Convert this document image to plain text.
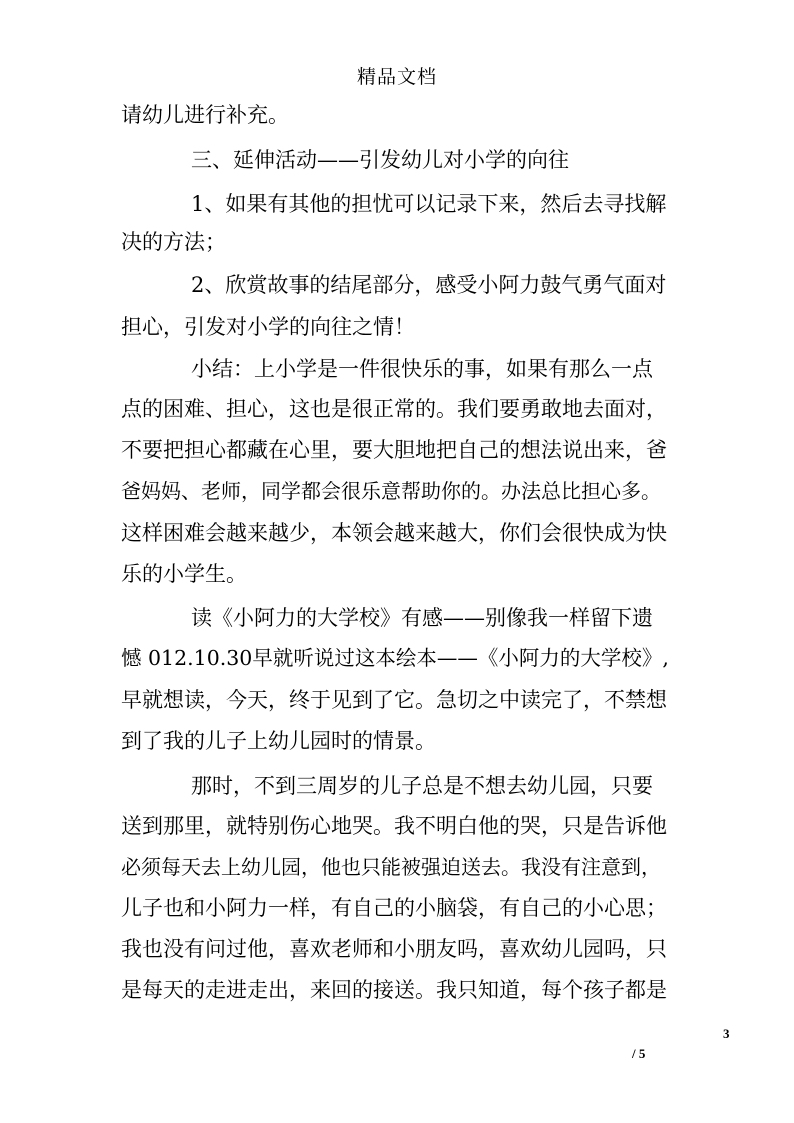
精品文档
请幼儿进行补充。
三、延伸活动——引发幼儿对小学的向往
1、如果有其他的担忧可以记录下来，然后去寻找解
决的方法；
2、欣赏故事的结尾部分，感受小阿力鼓气勇气面对
担心，引发对小学的向往之情！
小结：上小学是一件很快乐的事，如果有那么一点
点的困难、担心，这也是很正常的。我们要勇敢地去面对，
不要把担心都藏在心里，要大胆地把自己的想法说出来，爸
爸妈妈、老师，同学都会很乐意帮助你的。办法总比担心多。
这样困难会越来越少，本领会越来越大，你们会很快成为快
乐的小学生。
读《小阿力的大学校》有感——别像我一样留下遗
憾 012.10.30早就听说过这本绘本——《小阿力的大学校》,
早就想读，今天，终于见到了它。急切之中读完了，不禁想
到了我的儿子上幼儿园时的情景。
那时，不到三周岁的儿子总是不想去幼儿园，只要
送到那里，就特别伤心地哭。我不明白他的哭，只是告诉他
必须每天去上幼儿园，他也只能被强迫送去。我没有注意到，
儿子也和小阿力一样，有自己的小脑袋，有自己的小心思；
我也没有问过他，喜欢老师和小朋友吗，喜欢幼儿园吗，只
是每天的走进走出，来回的接送。我只知道，每个孩子都是
3
/ 5
